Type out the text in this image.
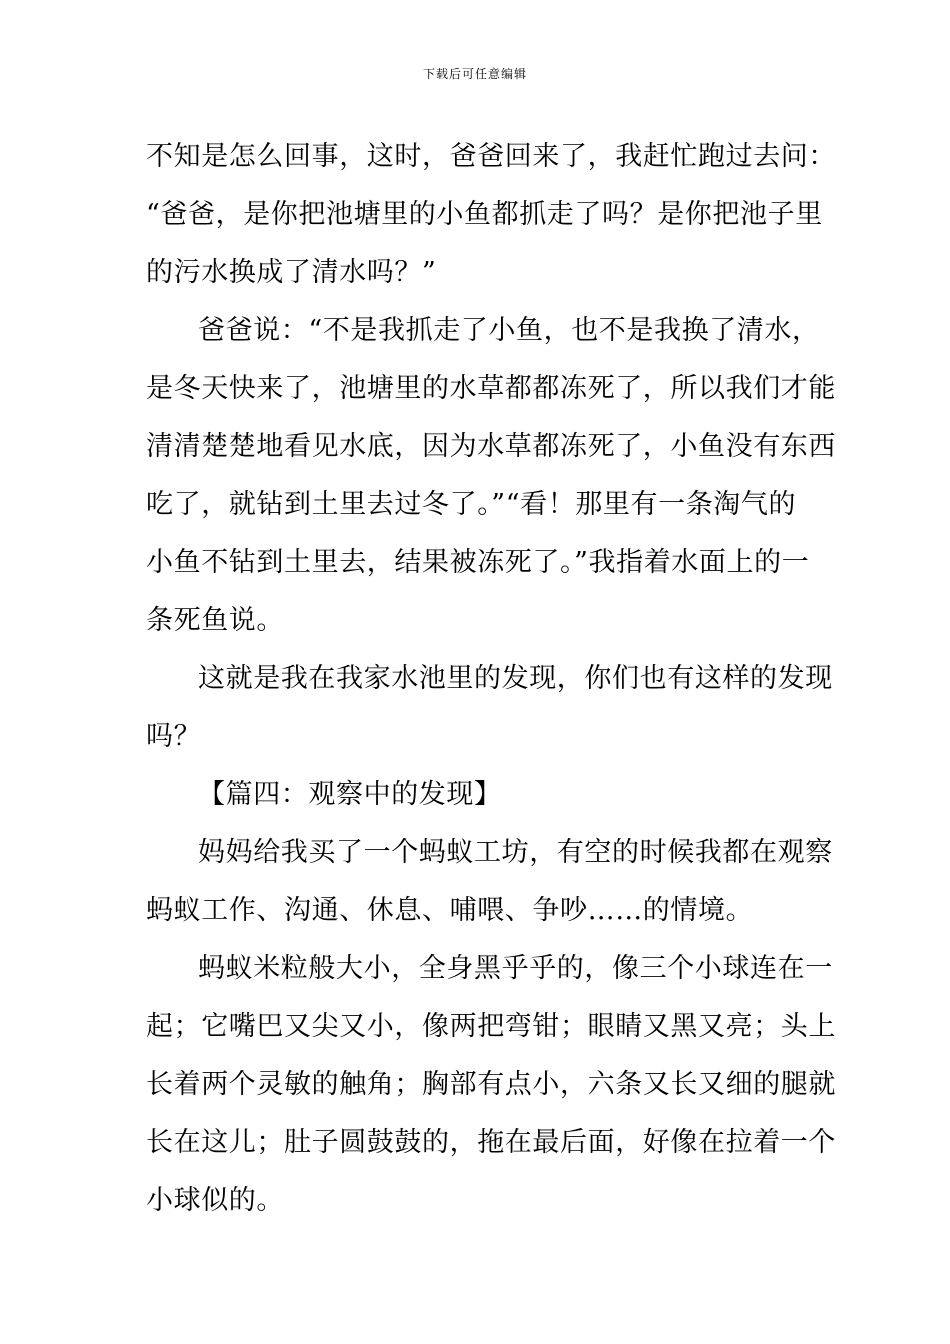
下载后可任意编辑
不知是怎么回事，这时，爸爸回来了，我赶忙跑过去问：
“爸爸，是你把池塘里的小鱼都抓走了吗？是你把池子里
的污水换成了清水吗？”
爸爸说：“不是我抓走了小鱼，也不是我换了清水，
是冬天快来了，池塘里的水草都都冻死了，所以我们才能
清清楚楚地看见水底，因为水草都冻死了，小鱼没有东西
吃了，就钻到土里去过冬了。”“看！那里有一条淘气的
小鱼不钻到土里去，结果被冻死了。”我指着水面上的一
条死鱼说。
这就是我在我家水池里的发现，你们也有这样的发现
吗？
【篇四：观察中的发现】
妈妈给我买了一个蚂蚁工坊，有空的时候我都在观察
蚂蚁工作、沟通、休息、哺喂、争吵……的情境。
蚂蚁米粒般大小，全身黑乎乎的，像三个小球连在一
起；它嘴巴又尖又小，像两把弯钳；眼睛又黑又亮；头上
长着两个灵敏的触角；胸部有点小，六条又长又细的腿就
长在这儿；肚子圆鼓鼓的，拖在最后面，好像在拉着一个
小球似的。
